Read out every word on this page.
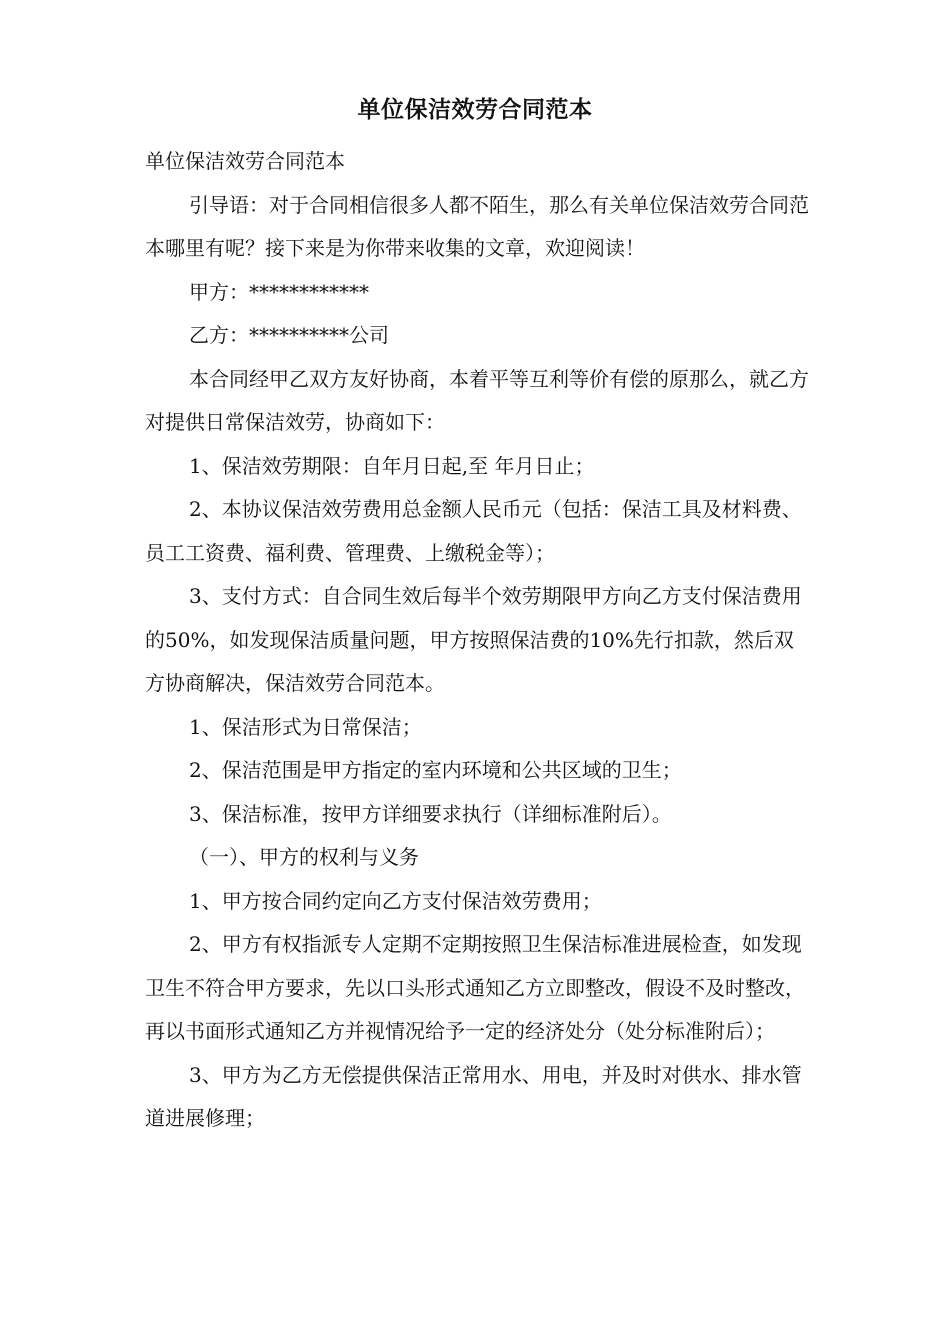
单位保洁效劳合同范本

单位保洁效劳合同范本

引导语：对于合同相信很多人都不陌生，那么有关单位保洁效劳合同范本哪里有呢？接下来是为你带来收集的文章，欢迎阅读！

甲方：************

乙方：**********公司

本合同经甲乙双方友好协商，本着平等互利等价有偿的原那么，就乙方对提供日常保洁效劳，协商如下：

1、保洁效劳期限：自年月日起,至 年月日止；

2、本协议保洁效劳费用总金额人民币元（包括：保洁工具及材料费、员工工资费、福利费、管理费、上缴税金等）；

3、支付方式：自合同生效后每半个效劳期限甲方向乙方支付保洁费用的50%，如发现保洁质量问题，甲方按照保洁费的10%先行扣款，然后双方协商解决，保洁效劳合同范本。

1、保洁形式为日常保洁；

2、保洁范围是甲方指定的室内环境和公共区域的卫生；

3、保洁标准，按甲方详细要求执行（详细标准附后）。

（一）、甲方的权利与义务

1、甲方按合同约定向乙方支付保洁效劳费用；

2、甲方有权指派专人定期不定期按照卫生保洁标准进展检查，如发现卫生不符合甲方要求，先以口头形式通知乙方立即整改，假设不及时整改，再以书面形式通知乙方并视情况给予一定的经济处分（处分标准附后）；

3、甲方为乙方无偿提供保洁正常用水、用电，并及时对供水、排水管道进展修理；
